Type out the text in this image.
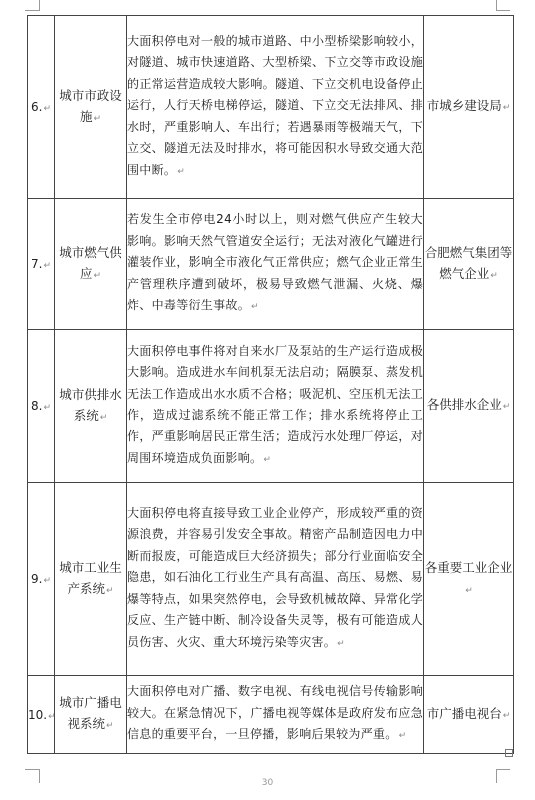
6.↵	城市市政设施↵	大面积停电对一般的城市道路、中小型桥梁影响较小，对隧道、城市快速道路、大型桥梁、下立交等市政设施的正常运营造成较大影响。隧道、下立交机电设备停止运行，人行天桥电梯停运，隧道、下立交无法排风、排水时，严重影响人、车出行；若遇暴雨等极端天气，下立交、隧道无法及时排水，将可能因积水导致交通大范围中断。↵	市城乡建设局↵
7.↵	城市燃气供应↵	若发生全市停电24小时以上，则对燃气供应产生较大影响。影响天然气管道安全运行；无法对液化气罐进行灌装作业，影响全市液化气正常供应；燃气企业正常生产管理秩序遭到破坏，极易导致燃气泄漏、火烧、爆炸、中毒等衍生事故。↵	合肥燃气集团等燃气企业↵
8.↵	城市供排水系统↵	大面积停电事件将对自来水厂及泵站的生产运行造成极大影响。造成进水车间机泵无法启动；隔膜泵、蒸发机无法工作造成出水水质不合格；吸泥机、空压机无法工作，造成过滤系统不能正常工作；排水系统将停止工作，严重影响居民正常生活；造成污水处理厂停运，对周围环境造成负面影响。↵	各供排水企业↵
9.↵	城市工业生产系统↵	大面积停电将直接导致工业企业停产，形成较严重的资源浪费，并容易引发安全事故。精密产品制造因电力中断而报废，可能造成巨大经济损失；部分行业面临安全隐患，如石油化工行业生产具有高温、高压、易燃、易爆等特点，如果突然停电，会导致机械故障、异常化学反应、生产链中断、制冷设备失灵等，极有可能造成人员伤害、火灾、重大环境污染等灾害。↵	各重要工业企业↵
10.↵	城市广播电视系统↵	大面积停电对广播、数字电视、有线电视信号传输影响较大。在紧急情况下，广播电视等媒体是政府发布应急信息的重要平台，一旦停播，影响后果较为严重。↵	市广播电视台↵
30
